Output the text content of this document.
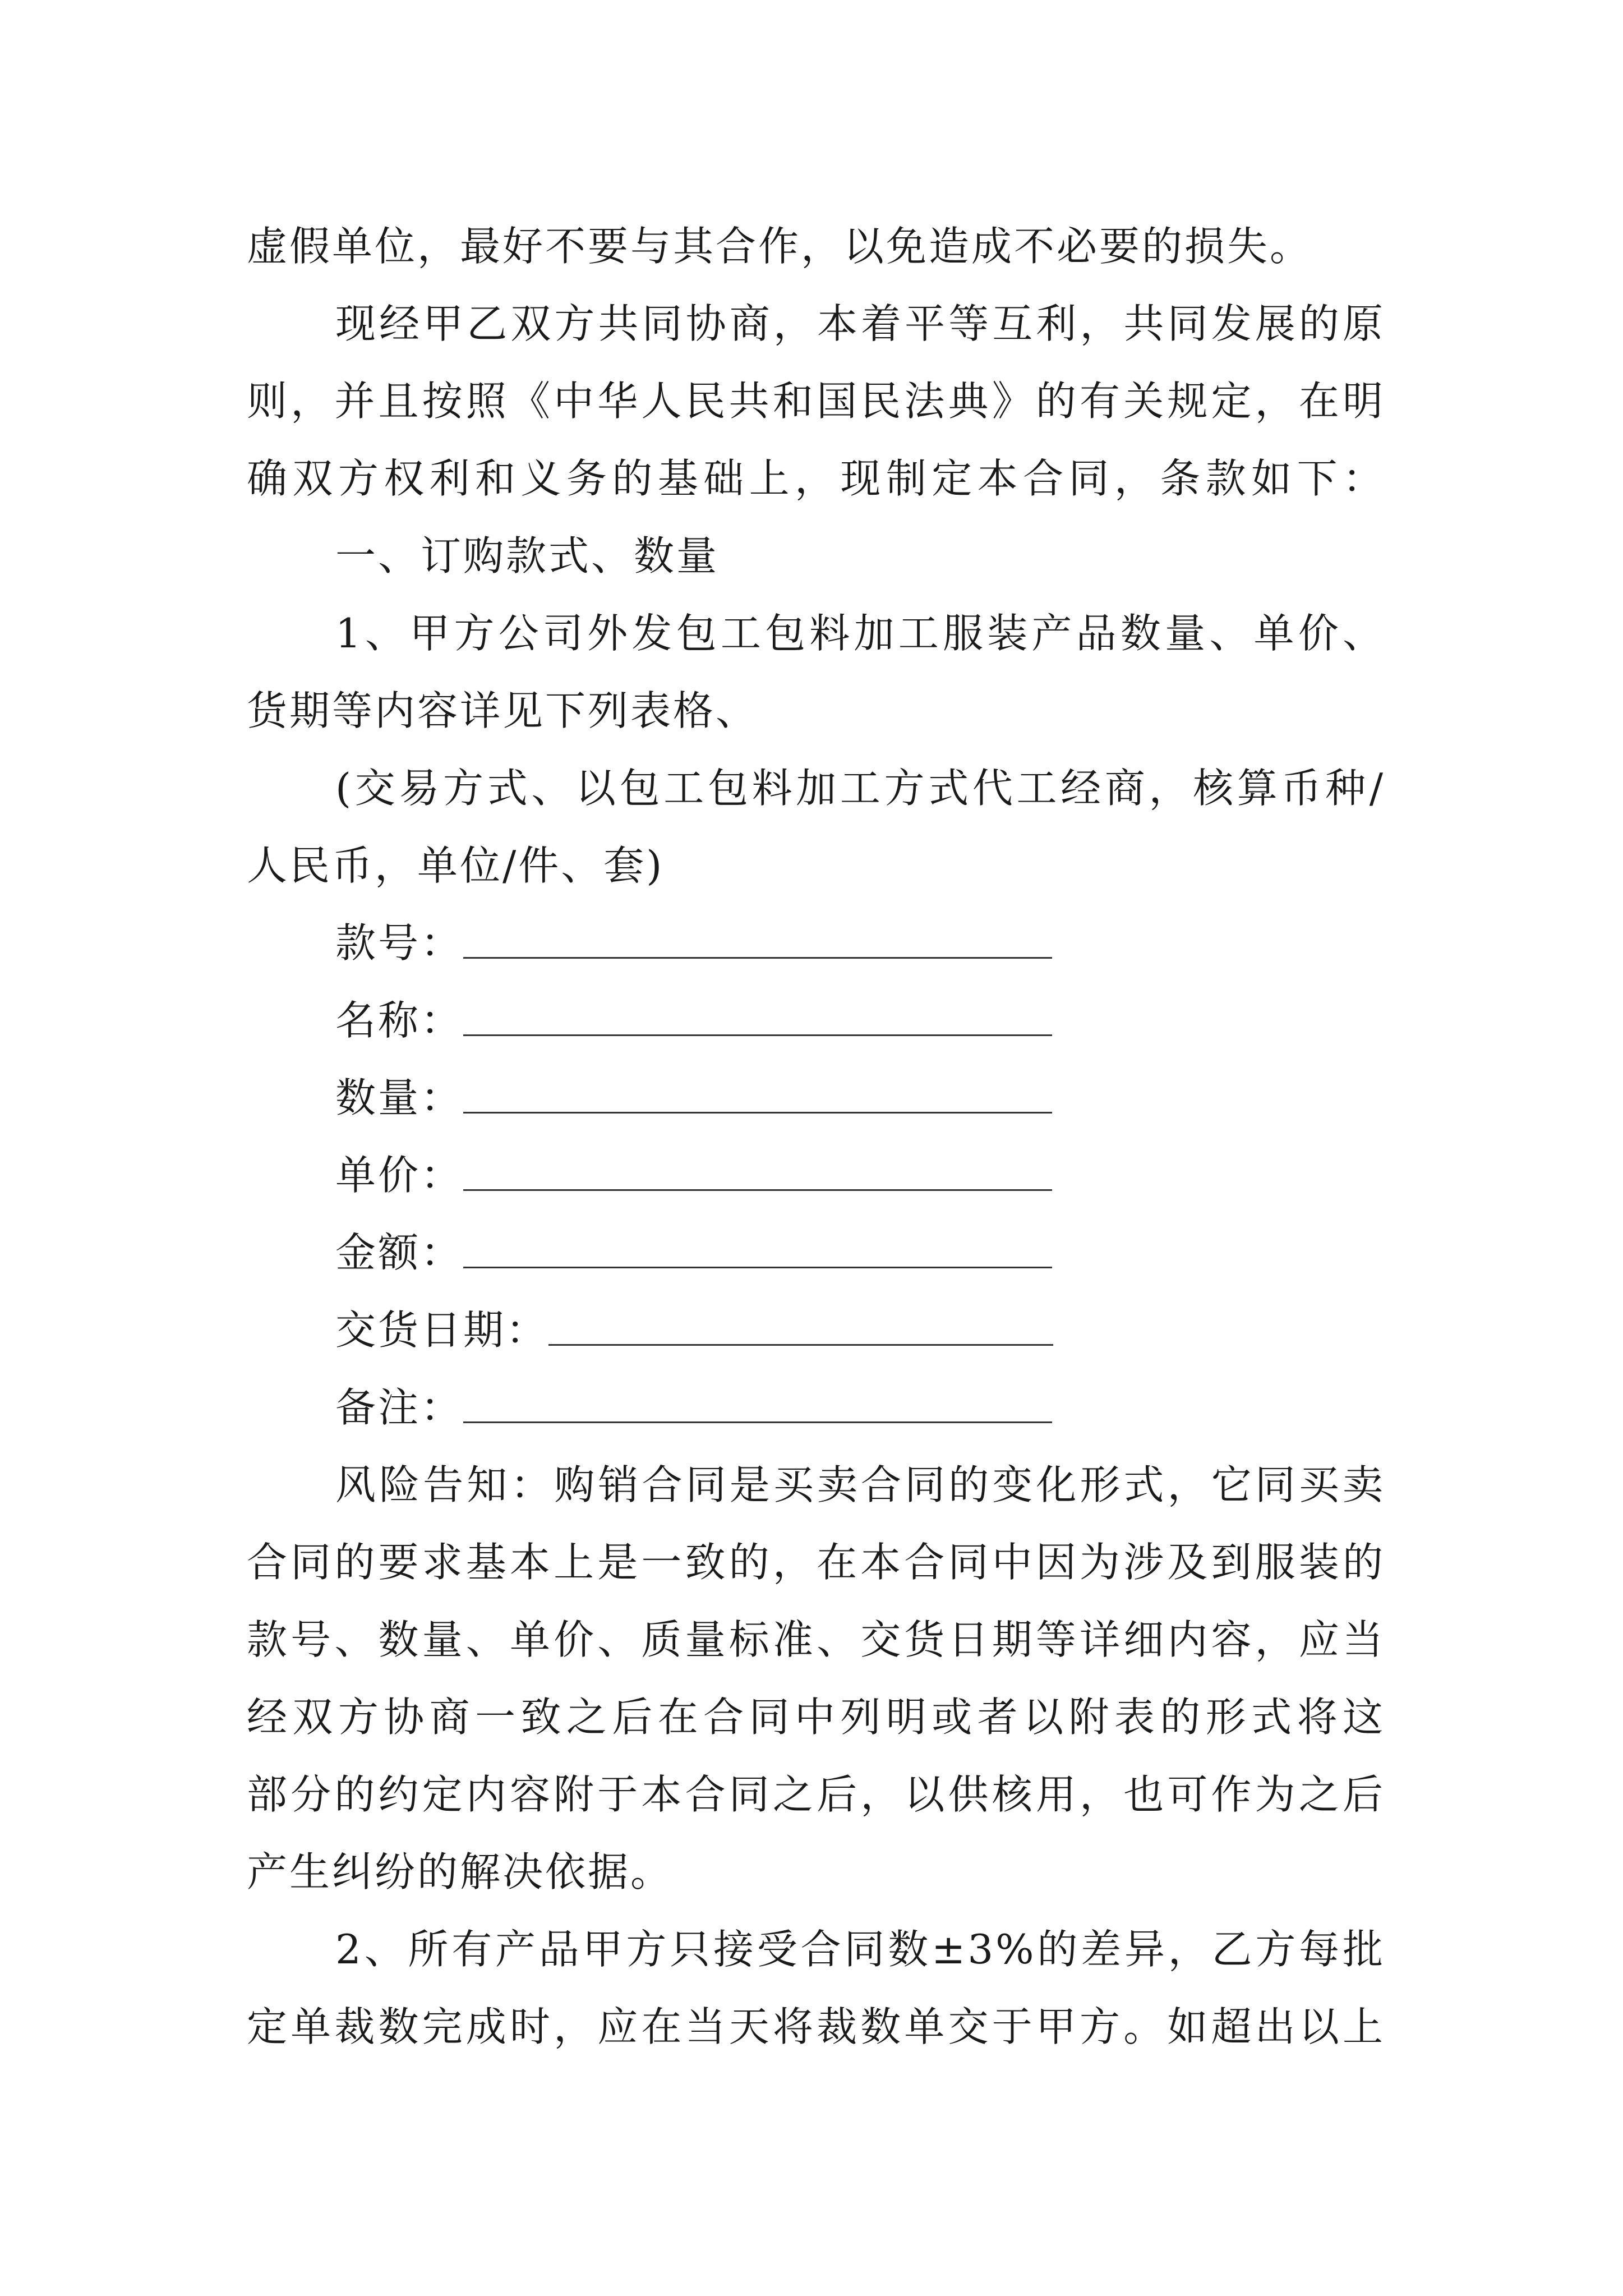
虚假单位，最好不要与其合作，以免造成不必要的损失。
现经甲乙双方共同协商，本着平等互利，共同发展的原
则，并且按照《中华人民共和国民法典》的有关规定，在明
确双方权利和义务的基础上，现制定本合同，条款如下：
一、订购款式、数量
1、甲方公司外发包工包料加工服装产品数量、单价、
货期等内容详见下列表格、
(交易方式、以包工包料加工方式代工经商，核算币种/
人民币，单位/件、套)
款号：
名称：
数量：
单价：
金额：
交货日期：
备注：
风险告知：购销合同是买卖合同的变化形式，它同买卖
合同的要求基本上是一致的，在本合同中因为涉及到服装的
款号、数量、单价、质量标准、交货日期等详细内容，应当
经双方协商一致之后在合同中列明或者以附表的形式将这
部分的约定内容附于本合同之后，以供核用，也可作为之后
产生纠纷的解决依据。
2、所有产品甲方只接受合同数±3%的差异，乙方每批
定单裁数完成时，应在当天将裁数单交于甲方。如超出以上
